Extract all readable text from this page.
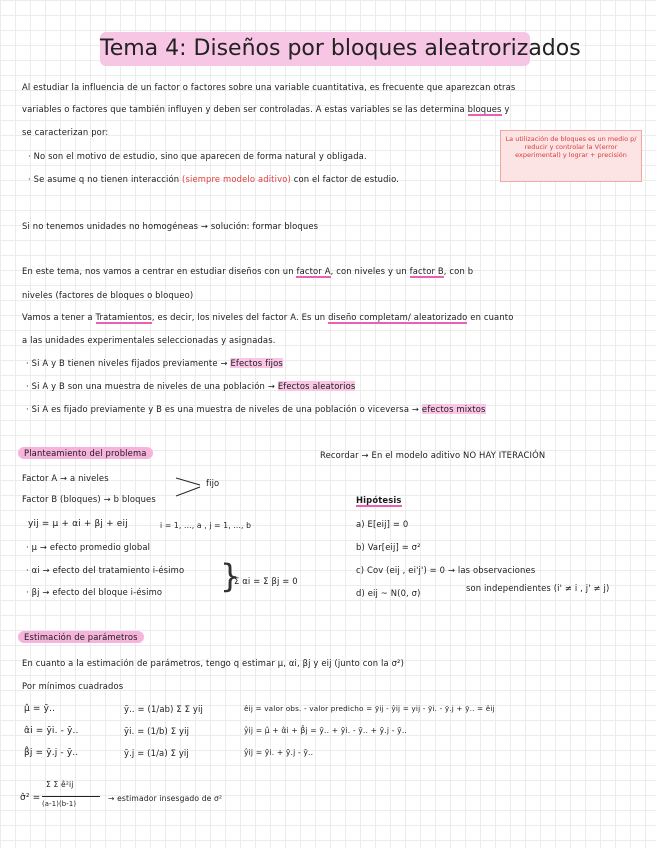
Tema 4: Diseños por bloques aleatrorizados
Al estudiar la influencia de un factor o factores sobre una variable cuantitativa, es frecuente que aparezcan otras
variables o factores que también influyen y deben ser controladas. A estas variables se las determina bloques y
se caracterizan por:
· No son el motivo de estudio, sino que aparecen de forma natural y obligada.
· Se asume q no tienen interacción (siempre modelo aditivo) con el factor de estudio.
La utilización de bloques es un medio p/ reducir y controlar la V(error experimental) y lograr + precisión
Si no tenemos unidades no homogéneas → solución: formar bloques
En este tema, nos vamos a centrar en estudiar diseños con un factor A, con niveles y un factor B, con b
niveles (factores de bloques o bloqueo)
Vamos a tener a Tratamientos, es decir, los niveles del factor A. Es un diseño completam/ aleatorizado en cuanto
a las unidades experimentales seleccionadas y asignadas.
· Si A y B tienen niveles fijados previamente → Efectos fijos
· Si A y B son una muestra de niveles de una población → Efectos aleatorios
· Si A es fijado previamente y B es una muestra de niveles de una población o viceversa → efectos mixtos
Planteamiento del problema	Recordar → En el modelo aditivo NO HAY ITERACIÓN
Factor A → a niveles
Factor B (bloques) → b bloques
fijo
yij = μ + αi + βj + eij	i = 1, ..., a , j = 1, ..., b
· μ → efecto promedio global
· αi → efecto del tratamiento i-ésimo
· βj → efecto del bloque i-ésimo }
Σ αi = Σ βj = 0
Hipótesis
a) E[eij] = 0
b) Var[eij] = σ²
c) Cov (eij , ei'j') = 0 → las observaciones
son independientes (i' ≠ i , j' ≠ j)
d) eij ~ N(0, σ)
Estimación de parámetros
En cuanto a la estimación de parámetros, tengo q estimar μ, αi, βj y eij (junto con la σ²)
Por mínimos cuadrados
μ̂ = ȳ..
α̂i = ȳi. - ȳ..
β̂j = ȳ.j - ȳ..
ȳ.. = (1/ab) Σ Σ yij
ȳi. = (1/b) Σ yij
ȳ.j = (1/a) Σ yij
êij = valor obs. - valor predicho = ȳij - ŷij = yij - ȳi. - ȳ.j + ȳ.. = êij
ŷij = μ̂ + α̂i + β̂j = ȳ.. + ȳi. - ȳ.. + ȳ.j - ȳ..
ŷij = ȳi. + ȳ.j - ȳ..
σ̂² =
Σ Σ ê²ij
(a-1)(b-1)
→ estimador insesgado de σ²
